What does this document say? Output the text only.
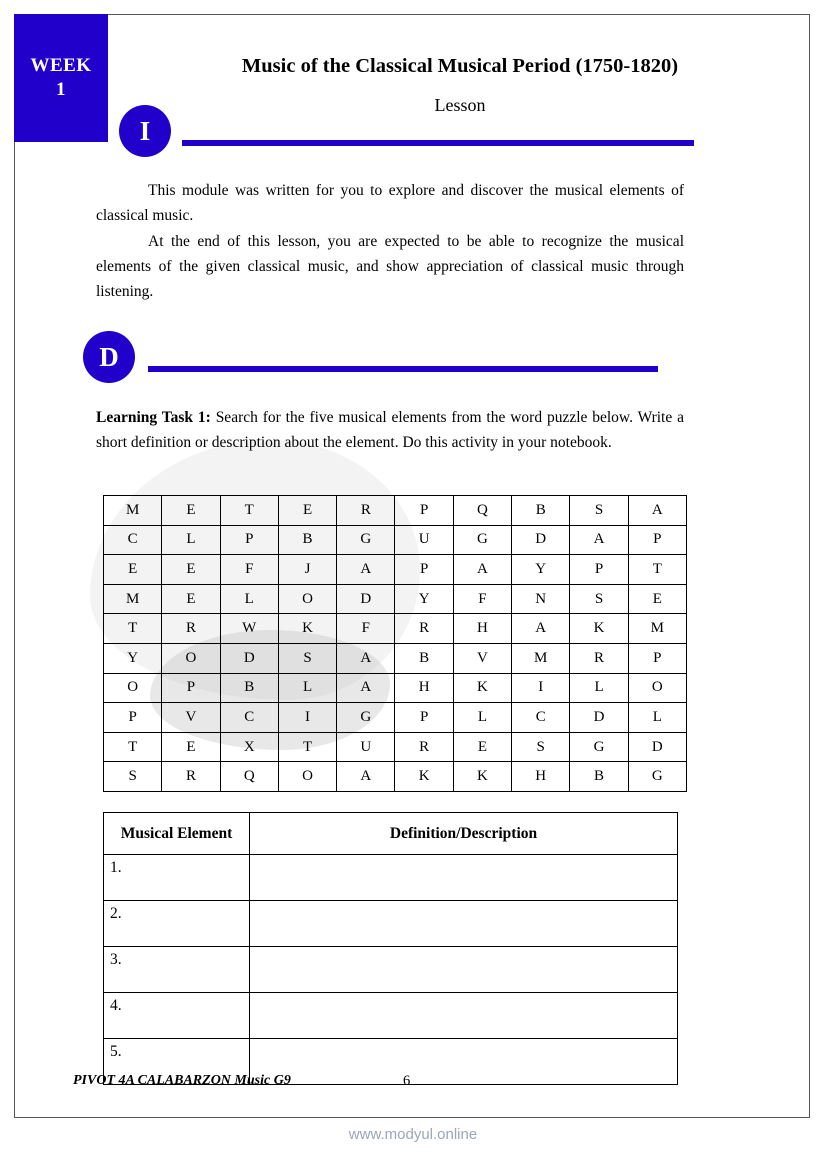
WEEK
1
Music of the Classical Musical Period (1750-1820)
Lesson
I
This module was written for you to explore and discover the musical elements of classical music.
At the end of this lesson, you are expected to be able to recognize the musical elements of the given classical music, and show appreciation of classical music through listening.
D
Learning Task 1: Search for the five musical elements from the word puzzle below. Write a short definition or description about the element. Do this activity in your notebook.
M	E	T	E	R	P	Q	B	S	A
C	L	P	B	G	U	G	D	A	P
E	E	F	J	A	P	A	Y	P	T
M	E	L	O	D	Y	F	N	S	E
T	R	W	K	F	R	H	A	K	M
Y	O	D	S	A	B	V	M	R	P
O	P	B	L	A	H	K	I	L	O
P	V	C	I	G	P	L	C	D	L
T	E	X	T	U	R	E	S	G	D
S	R	Q	O	A	K	K	H	B	G
Musical Element	Definition/Description
1.	
2.	
3.	
4.	
5.	
PIVOT 4A CALABARZON Music G9	6
www.modyul.online
